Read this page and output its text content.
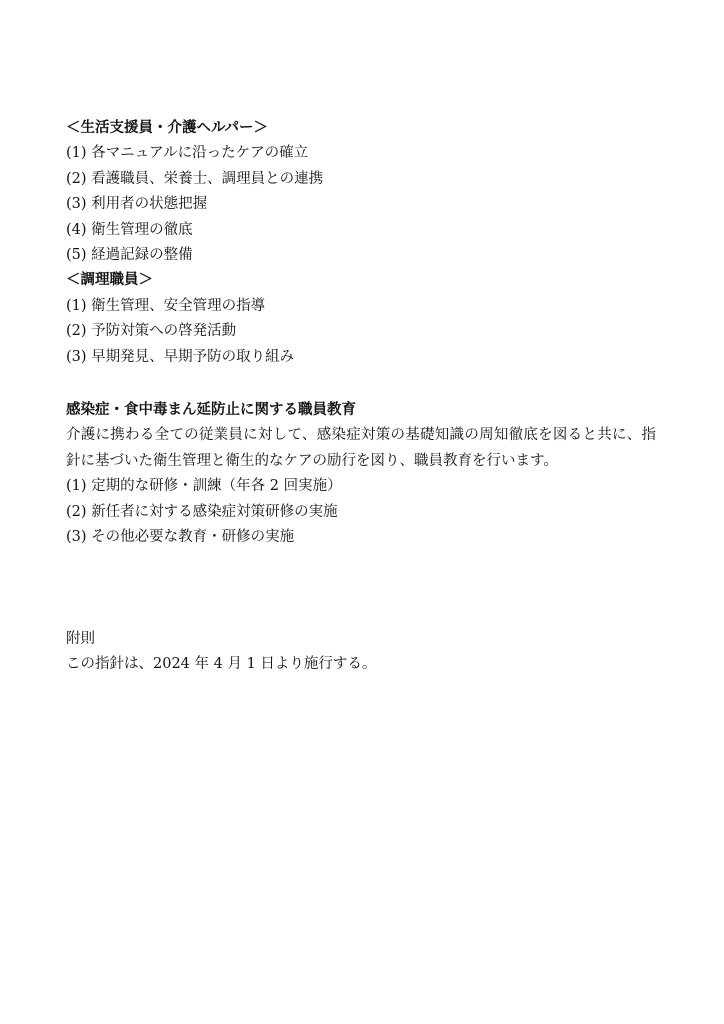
＜生活支援員・介護ヘルパー＞
(1) 各マニュアルに沿ったケアの確立
(2) 看護職員、栄養士、調理員との連携
(3) 利用者の状態把握
(4) 衛生管理の徹底
(5) 経過記録の整備
＜調理職員＞
(1) 衛生管理、安全管理の指導
(2) 予防対策への啓発活動
(3) 早期発見、早期予防の取り組み
感染症・食中毒まん延防止に関する職員教育
介護に携わる全ての従業員に対して、感染症対策の基礎知識の周知徹底を図ると共に、指針に基づいた衛生管理と衛生的なケアの励行を図り、職員教育を行います。
(1) 定期的な研修・訓練（年各 2 回実施）
(2) 新任者に対する感染症対策研修の実施
(3) その他必要な教育・研修の実施
附則
この指針は、2024 年 4 月 1 日より施行する。
